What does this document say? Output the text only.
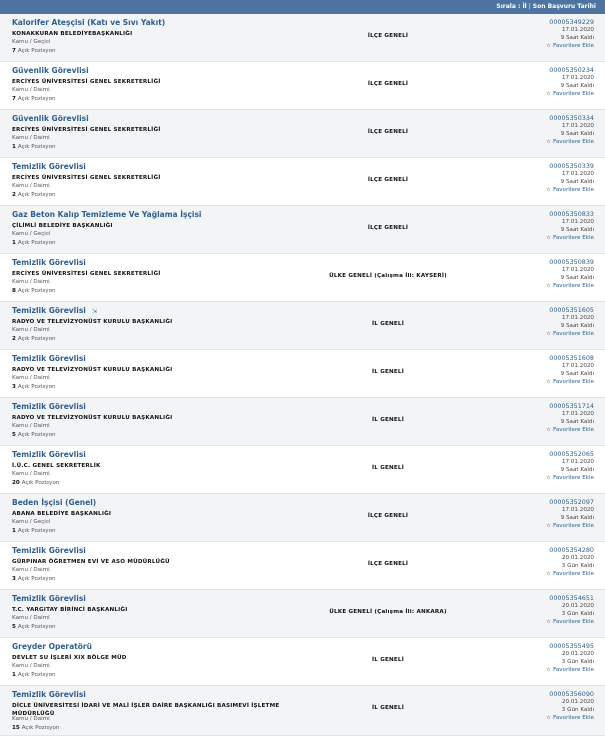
Sırala : İl | Son Başvuru Tarihi
Kalorifer Ateşçisi (Katı ve Sıvı Yakıt)
KONAKKURAN BELEDİYEBAŞKANLIĞI
Kamu / Geçici
7 Açık Pozisyon
İLÇE GENELİ
00005349229
17.01.2020
9 Saat Kaldı
☆ Favorilere Ekle
Güvenlik Görevlisi
ERCİYES ÜNİVERSİTESİ GENEL SEKRETERLİĞİ
Kamu / Daimi
7 Açık Pozisyon
İLÇE GENELİ
00005350234
17.01.2020
9 Saat Kaldı
☆ Favorilere Ekle
Güvenlik Görevlisi
ERCİYES ÜNİVERSİTESİ GENEL SEKRETERLİĞİ
Kamu / Daimi
1 Açık Pozisyon
İLÇE GENELİ
00005350334
17.01.2020
9 Saat Kaldı
☆ Favorilere Ekle
Temizlik Görevlisi
ERCİYES ÜNİVERSİTESİ GENEL SEKRETERLİĞİ
Kamu / Daimi
2 Açık Pozisyon
İLÇE GENELİ
00005350339
17.01.2020
9 Saat Kaldı
☆ Favorilere Ekle
Gaz Beton Kalıp Temizleme Ve Yağlama İşçisi
ÇİLİMLİ BELEDİYE BAŞKANLIĞI
Kamu / Geçici
1 Açık Pozisyon
İLÇE GENELİ
00005350833
17.01.2020
9 Saat Kaldı
☆ Favorilere Ekle
Temizlik Görevlisi
ERCİYES ÜNİVERSİTESİ GENEL SEKRETERLİĞİ
Kamu / Daimi
8 Açık Pozisyon
ÜLKE GENELİ (Çalışma İli: KAYSERİ)
00005350839
17.01.2020
9 Saat Kaldı
☆ Favorilere Ekle
Temizlik Görevlisi ⇲
RADYO VE TELEVİZYONÜST KURULU BAŞKANLIĞI
Kamu / Daimi
2 Açık Pozisyon
İL GENELİ
00005351605
17.01.2020
9 Saat Kaldı
☆ Favorilere Ekle
Temizlik Görevlisi
RADYO VE TELEVİZYONÜST KURULU BAŞKANLIĞI
Kamu / Daimi
3 Açık Pozisyon
İL GENELİ
00005351608
17.01.2020
9 Saat Kaldı
☆ Favorilere Ekle
Temizlik Görevlisi
RADYO VE TELEVİZYONÜST KURULU BAŞKANLIĞI
Kamu / Daimi
5 Açık Pozisyon
İL GENELİ
00005351714
17.01.2020
9 Saat Kaldı
☆ Favorilere Ekle
Temizlik Görevlisi
İ.Ü.C. GENEL SEKRETERLİK
Kamu / Daimi
20 Açık Pozisyon
İL GENELİ
00005352065
17.01.2020
9 Saat Kaldı
☆ Favorilere Ekle
Beden İşçisi (Genel)
ABANA BELEDİYE BAŞKANLIĞI
Kamu / Geçici
1 Açık Pozisyon
İLÇE GENELİ
00005352097
17.01.2020
9 Saat Kaldı
☆ Favorilere Ekle
Temizlik Görevlisi
GÜRPINAR ÖĞRETMEN EVİ VE ASO MÜDÜRLÜĞÜ
Kamu / Daimi
3 Açık Pozisyon
İLÇE GENELİ
00005354280
20.01.2020
3 Gün Kaldı
☆ Favorilere Ekle
Temizlik Görevlisi
T.C. YARGITAY BİRİNCİ BAŞKANLIĞI
Kamu / Daimi
5 Açık Pozisyon
ÜLKE GENELİ (Çalışma İli: ANKARA)
00005354651
20.01.2020
3 Gün Kaldı
☆ Favorilere Ekle
Greyder Operatörü
DEVLET SU İŞLERİ XIX BÖLGE MÜD
Kamu / Daimi
1 Açık Pozisyon
İL GENELİ
00005355495
20.01.2020
3 Gün Kaldı
☆ Favorilere Ekle
Temizlik Görevlisi
DİCLE ÜNİVERSİTESİ İDARİ VE MALİ İŞLER DAİRE BAŞKANLIĞI BASIMEVİ İŞLETME MÜDÜRLÜĞÜ
Kamu / Daimi
15 Açık Pozisyon
İL GENELİ
00005356090
20.01.2020
3 Gün Kaldı
☆ Favorilere Ekle
